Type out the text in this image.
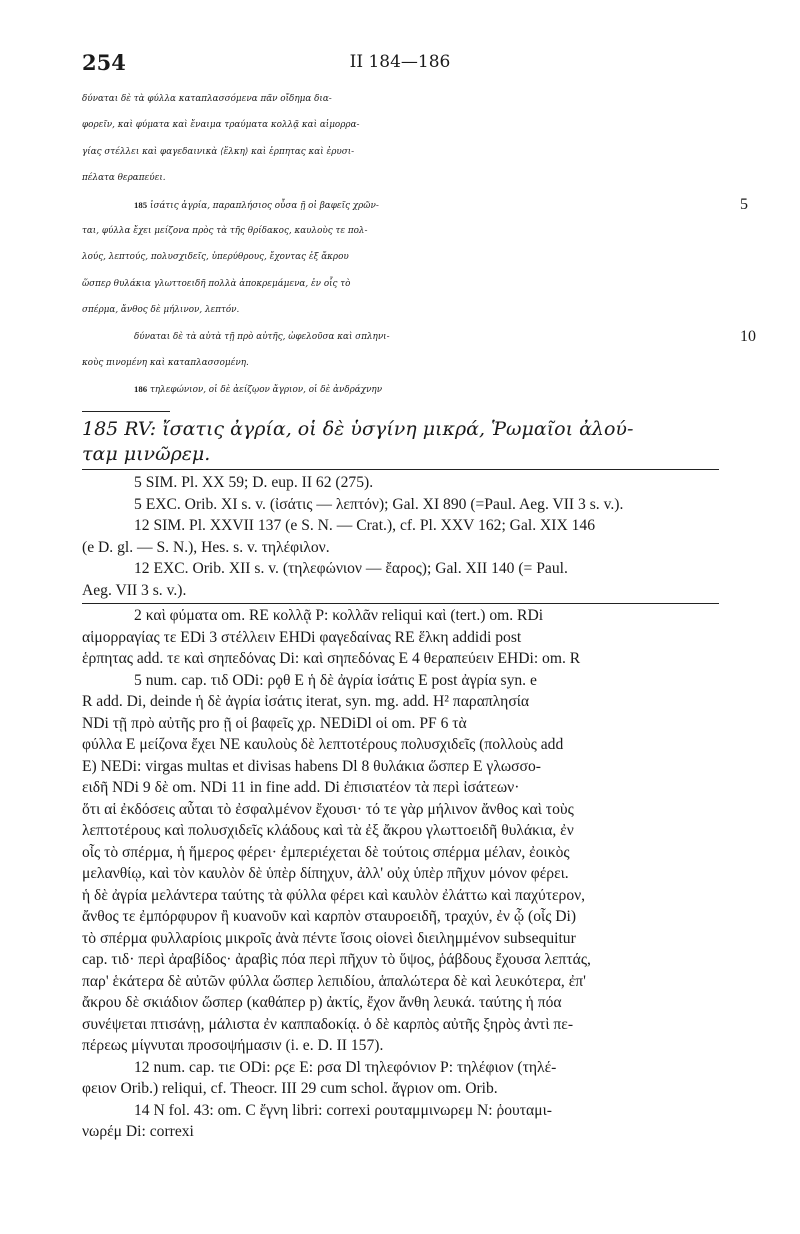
254	II 184—186
δύναται δὲ τὰ φύλλα καταπλασσόμενα πᾶν οἴδημα δια-
φορεῖν, καὶ φύματα καὶ ἔναιμα τραύματα κολλᾷ καὶ αἱμορρα-
γίας στέλλει καὶ φαγεδαινικὰ ⟨ἕλκη⟩ καὶ ἑρπητας καὶ ἐρυσι-
πέλατα θεραπεύει.
185 ἰσάτις ἀγρία, παραπλήσιος οὖσα ῇ οἱ βαφεῖς χρῶν-	5
ται, φύλλα ἔχει μείζονα πρὸς τὰ τῆς θρίδακος, καυλοὺς τε πολ-
λούς, λεπτούς, πολυσχιδεῖς, ὑπερύθρους, ἔχοντας ἐξ ἄκρου
ὥσπερ θυλάκια γλωττοειδῆ πολλὰ ἀποκρεμάμενα, ἐν οἷς τὸ
σπέρμα, ἄνθος δὲ μήλινον, λεπτόν.
δύναται δὲ τὰ αὐτὰ τῇ πρὸ αὐτῆς, ὠφελοῦσα καὶ σπληνι-	10
κοὺς πινομένη καὶ καταπλασσομένη.
186 τηλεφώνιον, οἱ δὲ ἀείζῳον ἄγριον, οἱ δὲ ἀνδράχνην
185 RV: ἴσατις ἀγρία, οἱ δὲ ὑσγίνη μικρά, Ῥωμαῖοι ἀλού-
ταμ μινῶρεμ.
5 SIM. Pl. XX 59; D. eup. II 62 (275).
5 EXC. Orib. XI s. v. (ἰσάτις — λεπτόν); Gal. XI 890 (=Paul. Aeg. VII 3 s. v.).
12 SIM. Pl. XXVII 137 (e S. N. — Crat.), cf. Pl. XXV 162; Gal. XIX 146
(e D. gl. — S. N.), Hes. s. v. τηλέφιλον.
12 EXC. Orib. XII s. v. (τηλεφώνιον — ἔαρος); Gal. XII 140 (= Paul.
Aeg. VII 3 s. v.).
2 καὶ φύματα om. RE κολλᾷ P: κολλᾶν reliqui καὶ (tert.) om. RDi
αἱμορραγίας τε EDi 3 στέλλειν EHDi φαγεδαίνας RE ἕλκη addidi post
ἑρπητας add. τε καὶ σηπεδόνας Di: καὶ σηπεδόνας E 4 θεραπεύειν EHDi: om. R
5 num. cap. τιδ ODi: ρϙθ E ἡ δὲ ἀγρία ἰσάτις E post ἀγρία syn. e
R add. Di, deinde ἡ δὲ ἀγρία ἰσάτις iterat, syn. mg. add. H² παραπλησία
NDi τῇ πρὸ αὐτῆς pro ῇ οἱ βαφεῖς χρ. NEDiDl οἱ om. PF 6 τὰ
φύλλα E μείζονα ἔχει NE καυλοὺς δὲ λεπτοτέρους πολυσχιδεῖς (πολλοὺς add
E) NEDi: virgas multas et divisas habens Dl 8 θυλάκια ὥσπερ E γλωσσο-
ειδῆ NDi 9 δὲ om. NDi 11 in fine add. Di ἐπισιατέον τὰ περὶ ἰσάτεων·
ὅτι αἱ ἐκδόσεις αὗται τὸ ἐσφαλμένον ἔχουσι· τό τε γὰρ μήλινον ἄνθος καὶ τοὺς
λεπτοτέρους καὶ πολυσχιδεῖς κλάδους καὶ τὰ ἐξ ἄκρου γλωττοειδῆ θυλάκια, ἐν
οἷς τὸ σπέρμα, ἡ ἥμερος φέρει· ἐμπεριέχεται δὲ τούτοις σπέρμα μέλαν, ἐοικὸς
μελανθίῳ, καὶ τὸν καυλὸν δὲ ὑπὲρ δίπηχυν, ἀλλ' οὐχ ὑπὲρ πῆχυν μόνον φέρει.
ἡ δὲ ἀγρία μελάντερα ταύτης τὰ φύλλα φέρει καὶ καυλὸν ἐλάττω καὶ παχύτερον,
ἄνθος τε ἐμπόρφυρον ἢ κυανοῦν καὶ καρπὸν σταυροειδῆ, τραχύν, ἐν ᾧ (οἷς Di)
τὸ σπέρμα φυλλαρίοις μικροῖς ἀνὰ πέντε ἴσοις οἱονεὶ διειλημμένον subsequitur
cap. τιδ· περὶ ἀραβίδος· ἀραβὶς πόα περὶ πῆχυν τὸ ὕψος, ῥάβδους ἔχουσα λεπτάς,
παρ' ἑκάτερα δὲ αὐτῶν φύλλα ὥσπερ λεπιδίου, ἁπαλώτερα δὲ καὶ λευκότερα, ἐπ'
ἄκρου δὲ σκιάδιον ὥσπερ (καθάπερ p) ἀκτίς, ἔχον ἄνθη λευκά. ταύτης ἡ πόα
συνέψεται πτισάνῃ, μάλιστα ἐν καππαδοκίᾳ. ὁ δὲ καρπὸς αὐτῆς ξηρὸς ἀντὶ πε-
πέρεως μίγνυται προσοψήμασιν (i. e. D. II 157).
12 num. cap. τιε ODi: ρϛε E: ρσα Dl τηλεφόνιον P: τηλέφιον (τηλέ-
φειον Orib.) reliqui, cf. Theocr. III 29 cum schol. ἄγριον om. Orib.
14 N fol. 43: om. C ἔγνη libri: correxi ρουταμμινωρεμ N: ῥουταμι-
νωρέμ Di: correxi
